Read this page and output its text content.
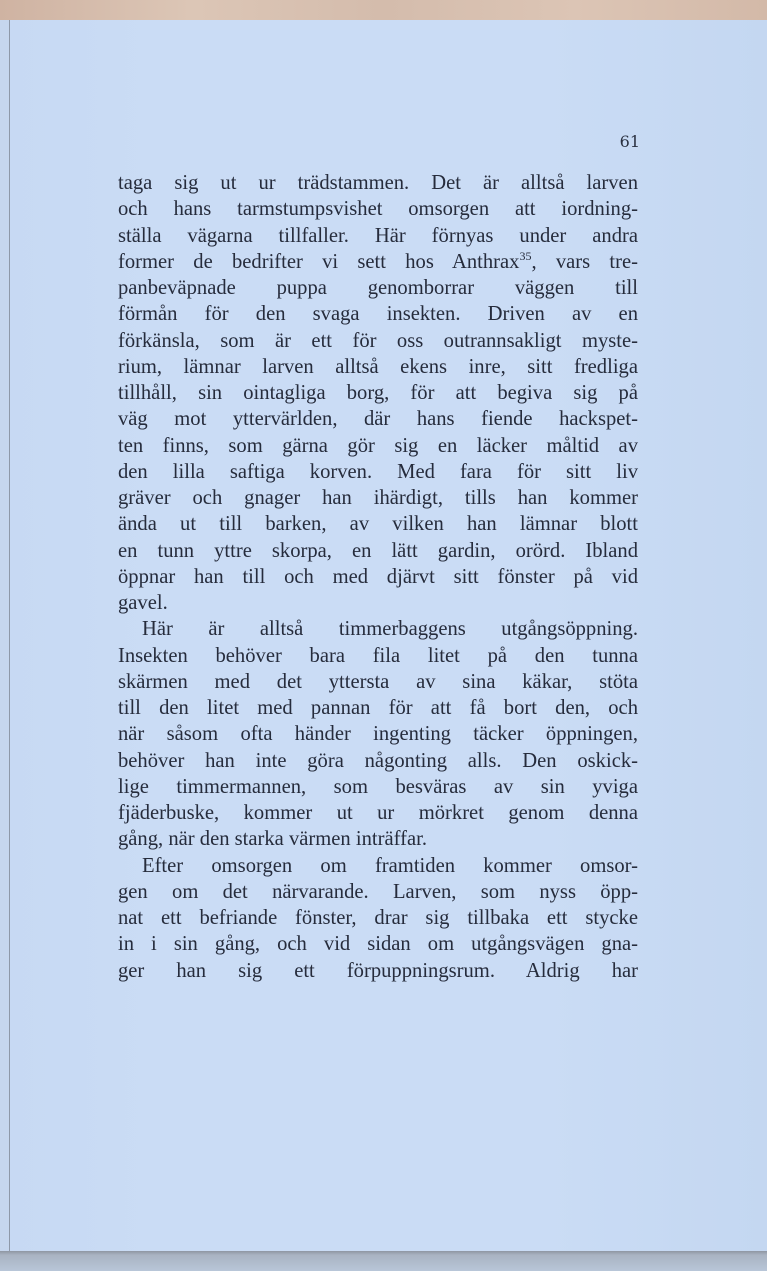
61
taga sig ut ur trädstammen. Det är alltså larven
och hans tarmstumpsvishet omsorgen att iordning-
ställa vägarna tillfaller. Här förnyas under andra
former de bedrifter vi sett hos Anthrax$^{35}$, vars tre-
panbeväpnade puppa genomborrar väggen till
förmån för den svaga insekten. Driven av en
förkänsla, som är ett för oss outrannsakligt myste-
rium, lämnar larven alltså ekens inre, sitt fredliga
tillhåll, sin ointagliga borg, för att begiva sig på
väg mot yttervärlden, där hans fiende hackspet-
ten finns, som gärna gör sig en läcker måltid av
den lilla saftiga korven. Med fara för sitt liv
gräver och gnager han ihärdigt, tills han kommer
ända ut till barken, av vilken han lämnar blott
en tunn yttre skorpa, en lätt gardin, orörd. Ibland
öppnar han till och med djärvt sitt fönster på vid
gavel.
Här är alltså timmerbaggens utgångsöppning.
Insekten behöver bara fila litet på den tunna
skärmen med det yttersta av sina käkar, stöta
till den litet med pannan för att få bort den, och
när såsom ofta händer ingenting täcker öppningen,
behöver han inte göra någonting alls. Den oskick-
lige timmermannen, som besväras av sin yviga
fjäderbuske, kommer ut ur mörkret genom denna
gång, när den starka värmen inträffar.
Efter omsorgen om framtiden kommer omsor-
gen om det närvarande. Larven, som nyss öpp-
nat ett befriande fönster, drar sig tillbaka ett stycke
in i sin gång, och vid sidan om utgångsvägen gna-
ger han sig ett förpuppningsrum. Aldrig har
